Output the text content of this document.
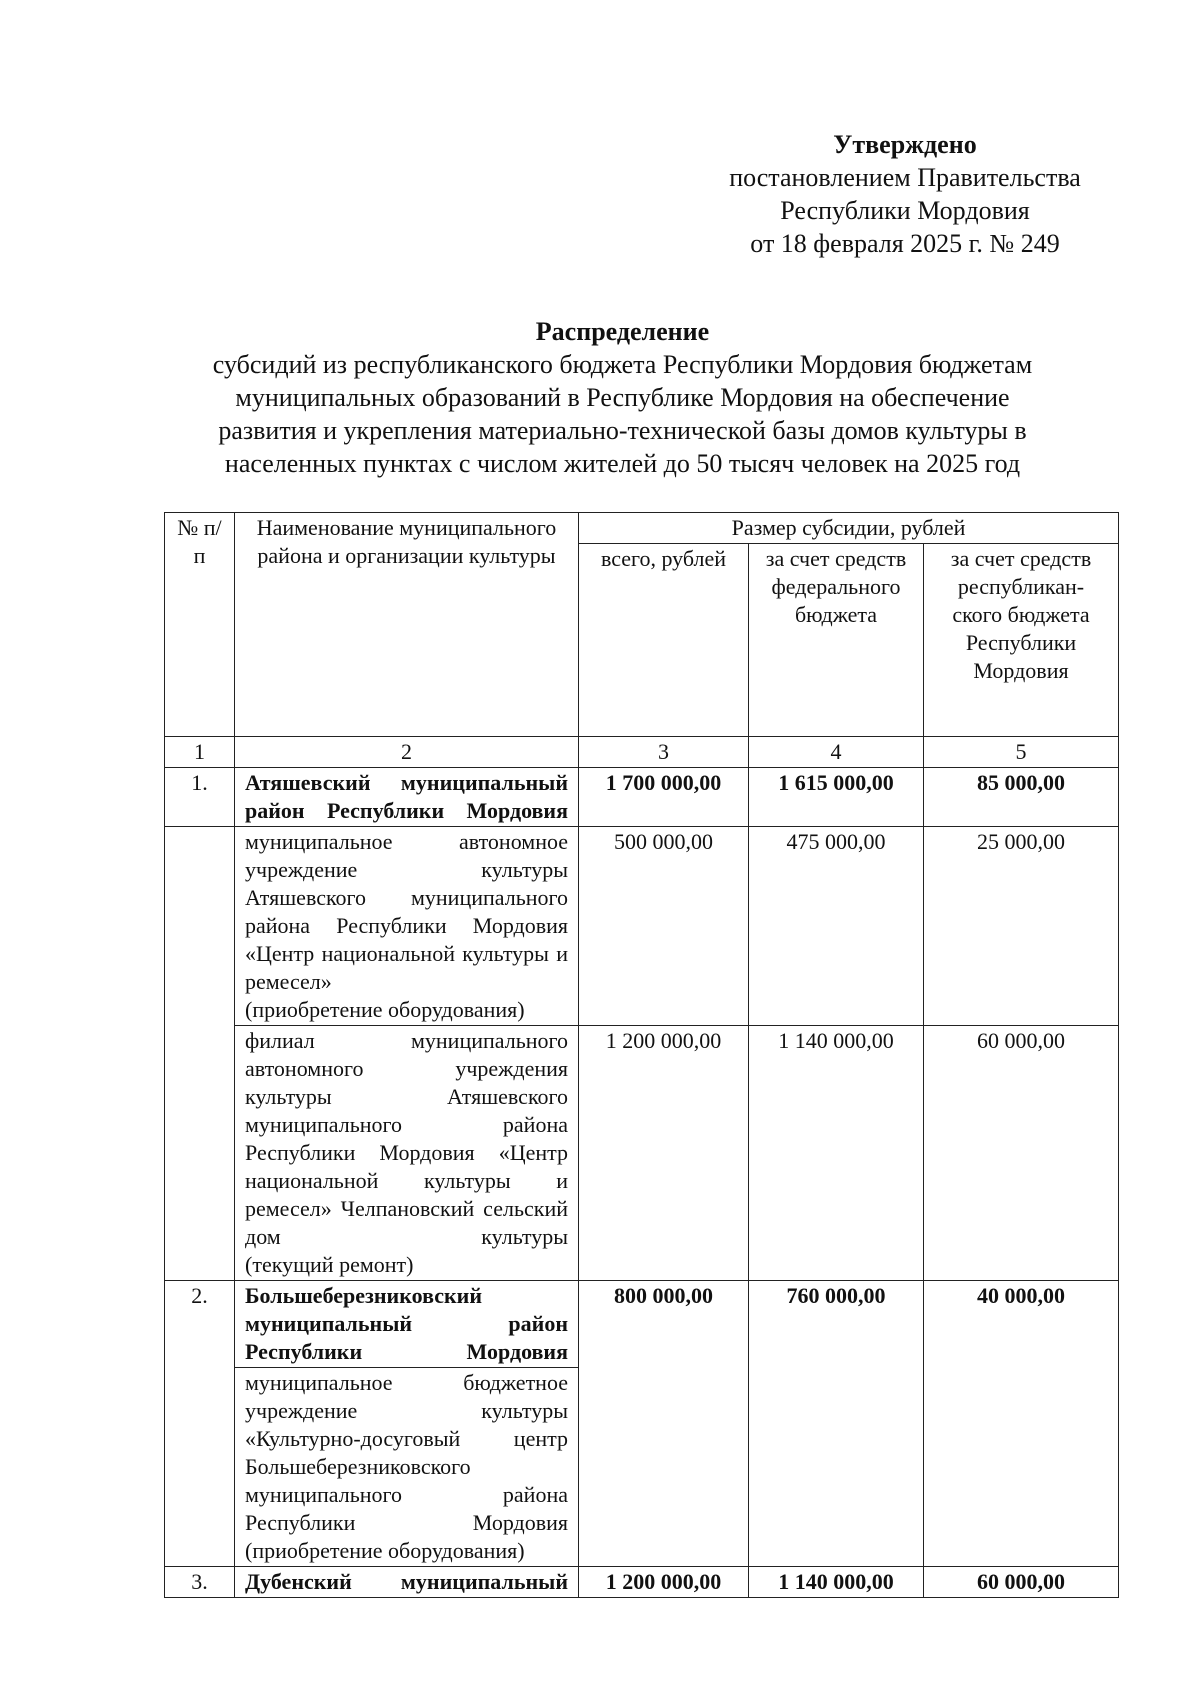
Утверждено
постановлением Правительства
Республики Мордовия
от 18 февраля 2025 г. № 249
Распределение
субсидий из республиканского бюджета Республики Мордовия бюджетам
муниципальных образований в Республике Мордовия на обеспечение
развития и укрепления материально-технической базы домов культуры в
населенных пунктах с числом жителей до 50 тысяч человек на 2025 год
№ п/п	Наименование муниципального района и организации культуры	Размер субсидии, рублей		
		всего, рублей	за счет средств федерального бюджета	за счет средств республикан-ского бюджета Республики Мордовия
1	2	3	4	5
1.	Атяшевский муниципальный район Республики Мордовия	1 700 000,00	1 615 000,00	85 000,00

	муниципальное автономное учреждение культуры Атяшевского муниципального района Республики Мордовия «Центр национальной культуры и ремесел»
(приобретение оборудования)	500 000,00	475 000,00	25 000,00

	филиал муниципального автономного учреждения культуры Атяшевского муниципального района Республики Мордовия «Центр национальной культуры и ремесел» Челпановский сельский дом культуры
(текущий ремонт)	1 200 000,00	1 140 000,00	60 000,00
2.	Большеберезниковский муниципальный район Республики Мордовия	800 000,00	760 000,00	40 000,00

	муниципальное бюджетное учреждение культуры «Культурно-досуговый центр Большеберезниковского муниципального района Республики Мордовия
(приобретение оборудования)			

3.	Дубенский муниципальный	1 200 000,00	1 140 000,00	60 000,00
